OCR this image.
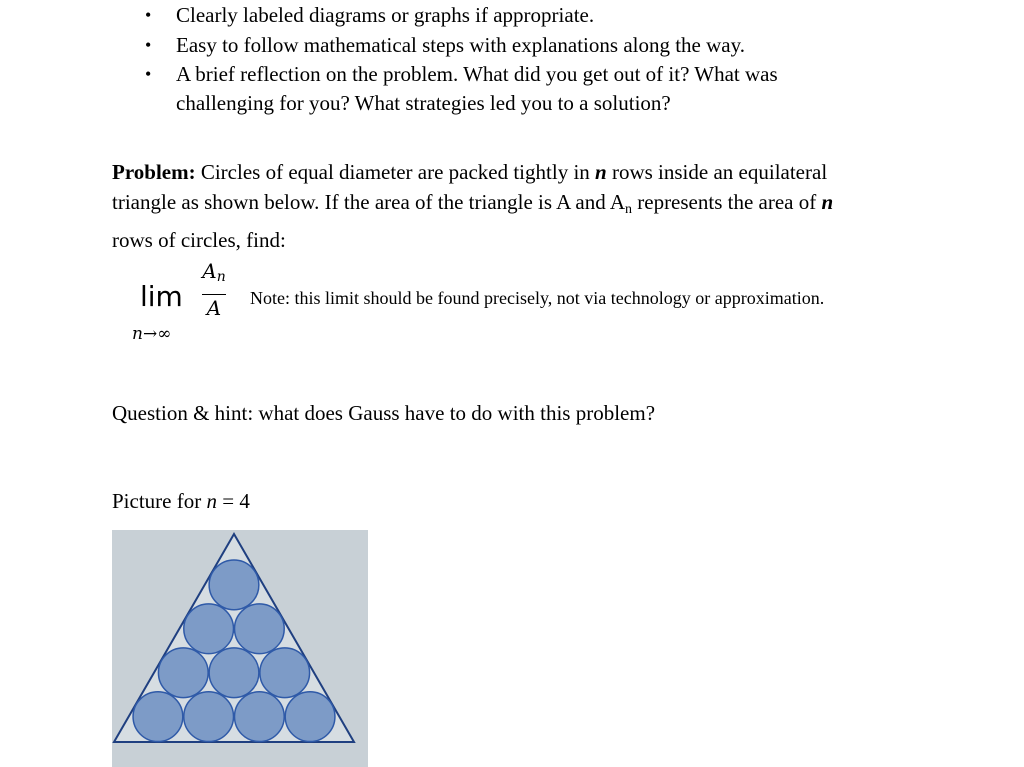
• Clearly labeled diagrams or graphs if appropriate.
• Easy to follow mathematical steps with explanations along the way.
• A brief reflection on the problem. What did you get out of it? What was
challenging for you? What strategies led you to a solution?

Problem: Circles of equal diameter are packed tightly in n rows inside an equilateral triangle as shown below. If the area of the triangle is A and $A_n$ represents the area of n rows of circles, find:

lim
n→∞
An
A	Note: this limit should be found precisely, not via technology or approximation.

Question & hint: what does Gauss have to do with this problem?

Picture for n = 4
